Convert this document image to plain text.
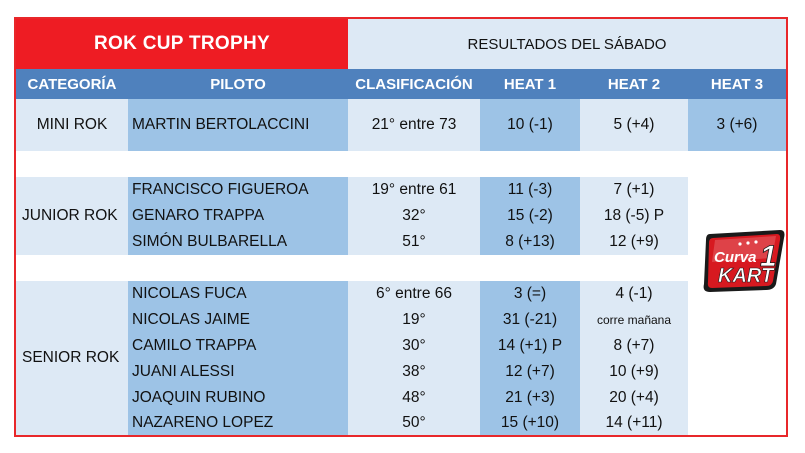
ROK CUP TROPHY	RESULTADOS DEL SÁBADO
CATEGORÍA	PILOTO	CLASIFICACIÓN	HEAT 1	HEAT 2	HEAT 3
MINI ROK	MARTIN BERTOLACCINI	21° entre 73	10 (-1)	5 (+4)	3 (+6)
JUNIOR ROK
FRANCISCO FIGUEROA	19° entre 61	11 (-3)	7 (+1)
GENARO TRAPPA	32°	15 (-2)	18 (-5) P
SIMÓN BULBARELLA	51°	8 (+13)	12 (+9)
SENIOR ROK
NICOLAS FUCA	6° entre 66	3 (=)	4 (-1)
NICOLAS JAIME	19°	31 (-21)	corre mañana
CAMILO TRAPPA	30°	14 (+1) P	8 (+7)
JUANI ALESSI	38°	12 (+7)	10 (+9)
JOAQUIN RUBINO	48°	21 (+3)	20 (+4)
NAZARENO LOPEZ	50°	15 (+10)	14 (+11)
Curva
KART
1
